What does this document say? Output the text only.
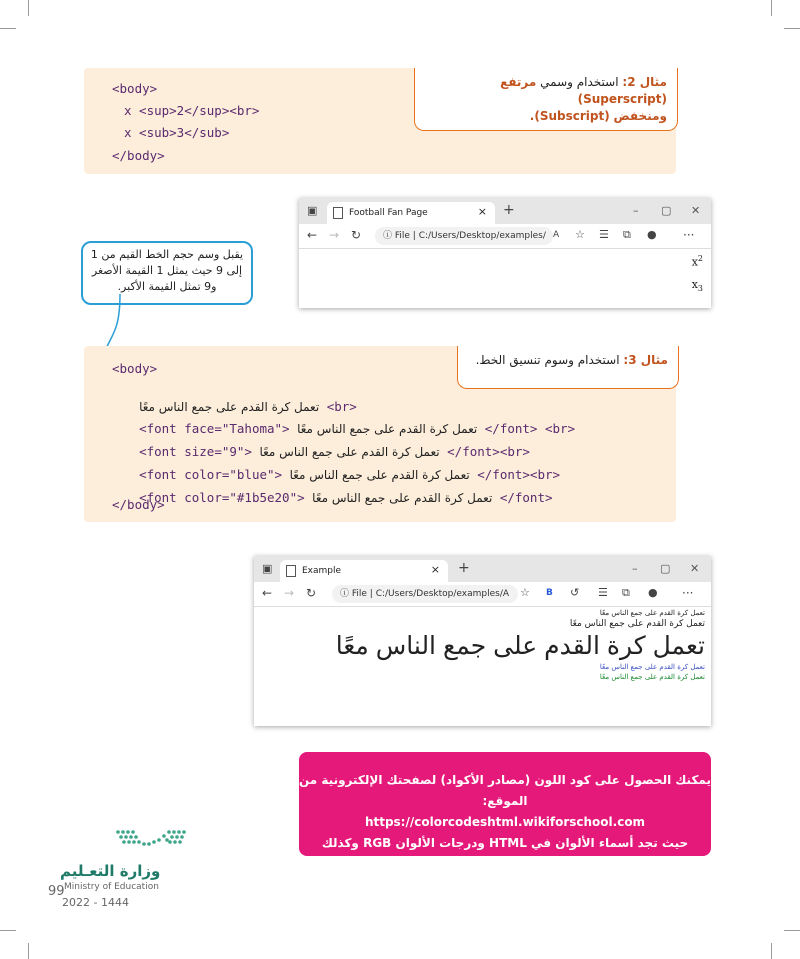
<body>
x <sup>2</sup><br>
x <sub>3</sub>
</body>
مثال 2: استخدام وسمي مرتفع (Superscript)
ومنخفض (Subscript).
▣	Football Fan Page	× +	– ▢ ✕
← → ↻	ⓘ File | C:/Users/Desktop/examples/ A ☆ ☰ ⧉ ● ···
$x^2$
$x_3$
يقبل وسم حجم الخط القيم من 1 إلى 9 حيث يمثل 1 القيمة الأصغر و9 تمثل القيمة الأكبر.
مثال 3: استخدام وسوم تنسيق الخط.
<body>

تعمل كرة القدم على جمع الناس معًا <br>

<font face="Tahoma"> تعمل كرة القدم على جمع الناس معًا </font> <br>

<font size="9"> تعمل كرة القدم على جمع الناس معًا </font><br>

<font color="blue"> تعمل كرة القدم على جمع الناس معًا </font><br>

<font color="#1b5e20"> تعمل كرة القدم على جمع الناس معًا </font>

</body>
▣	Example	× +	– ▢ ✕
← → ↻	ⓘ File | C:/Users/Desktop/examples/A ☆ B ↺ ☰ ⧉ ● ···
تعمل كرة القدم على جمع الناس معًا
تعمل كرة القدم على جمع الناس معًا
تعمل كرة القدم على جمع الناس معًا
تعمل كرة القدم على جمع الناس معًا
تعمل كرة القدم على جمع الناس معًا
يمكنك الحصول على كود اللون (مصادر الأكواد) لصفحتك الإلكترونية من الموقع:
https://colorcodeshtml.wikiforschool.com
حيث تجد أسماء الألوان في HTML ودرجات الألوان RGB وكذلك رموزها Hex.
وزارة التعـليم
99 Ministry of Education
2022 - 1444
